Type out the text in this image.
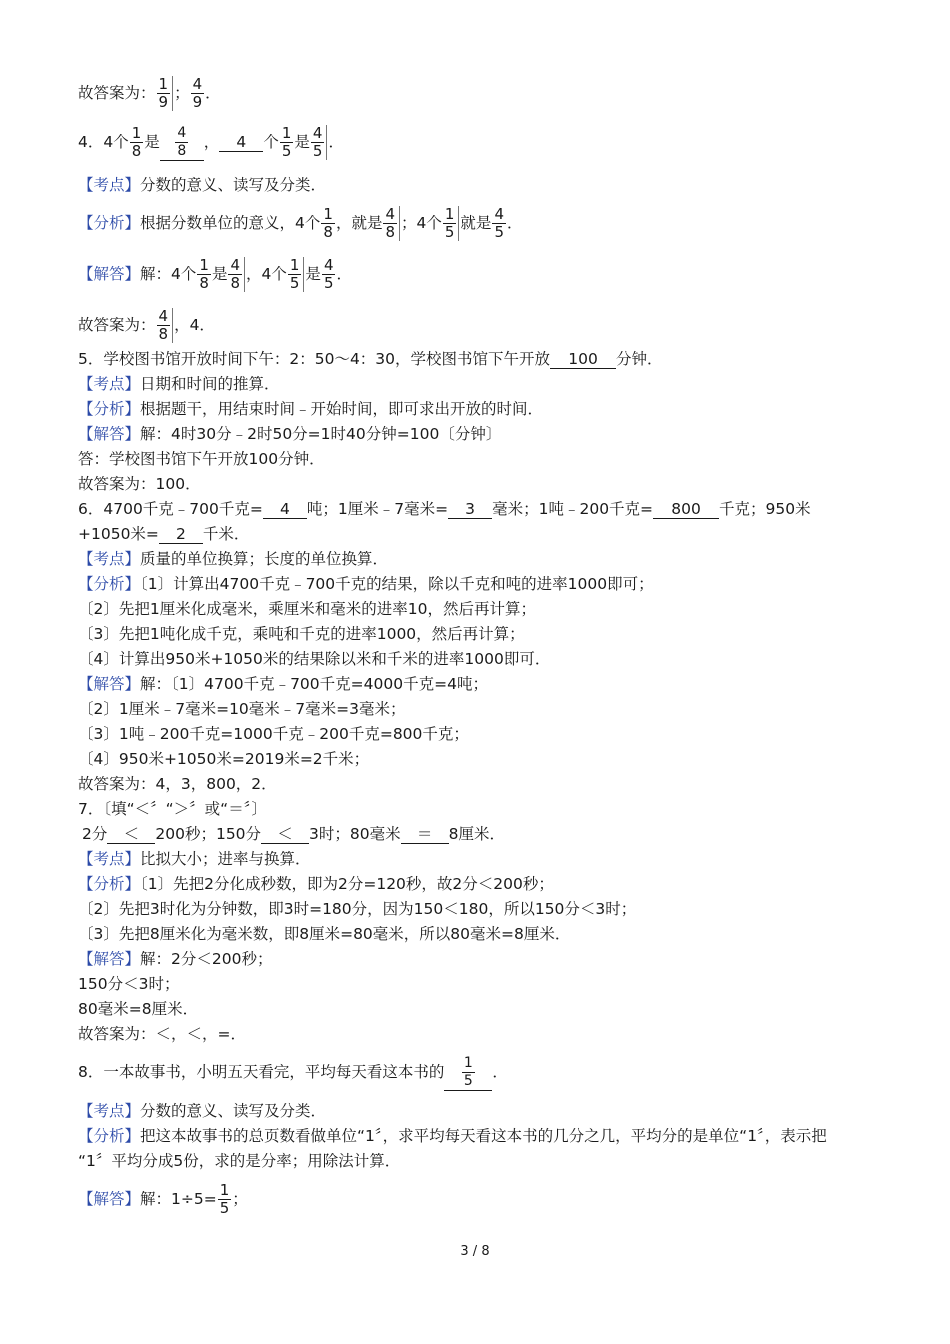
故答案为： $\frac{1}{9}$ ； $\frac{4}{9}$ ．
4．4个 $\frac{1}{8}$ 是 $\frac{4}{8}$ ， 4 个 $\frac{1}{5}$ 是 $\frac{4}{5}$ ．
【考点】分数的意义、读写及分类．
【分析】根据分数单位的意义，4个 $\frac{1}{8}$ ，就是 $\frac{4}{8}$ ；4个 $\frac{1}{5}$ 就是 $\frac{4}{5}$ ．
【解答】解：4个 $\frac{1}{8}$ 是 $\frac{4}{8}$ ，4个 $\frac{1}{5}$ 是 $\frac{4}{5}$ ．
故答案为： $\frac{4}{8}$ ，4．
5．学校图书馆开放时间下午：2：50～4：30，学校图书馆下午开放 100 分钟．
【考点】日期和时间的推算．
【分析】根据题干，用结束时间﹣开始时间，即可求出开放的时间．
【解答】解：4时30分﹣2时50分=1时40分钟=100〔分钟〕
答：学校图书馆下午开放100分钟．
故答案为：100．
6．4700千克﹣700千克= 4 吨；1厘米﹣7毫米= 3 毫米；1吨﹣200千克= 800 千克；950米
+1050米= 2 千米．
【考点】质量的单位换算；长度的单位换算．
【分析】〔1〕计算出4700千克﹣700千克的结果，除以千克和吨的进率1000即可；
〔2〕先把1厘米化成毫米，乘厘米和毫米的进率10，然后再计算；
〔3〕先把1吨化成千克，乘吨和千克的进率1000，然后再计算；
〔4〕计算出950米+1050米的结果除以米和千米的进率1000即可．
【解答】解：〔1〕4700千克﹣700千克=4000千克=4吨；
〔2〕1厘米﹣7毫米=10毫米﹣7毫米=3毫米；
〔3〕1吨﹣200千克=1000千克﹣200千克=800千克；
〔4〕950米+1050米=2019米=2千米；
故答案为：4，3，800，2．
7．〔填“＜〞“＞〞或“＝〞〕
2分 ＜ 200秒；150分 ＜ 3时；80毫米 ＝ 8厘米．
【考点】比拟大小；进率与换算．
【分析】〔1〕先把2分化成秒数，即为2分=120秒，故2分＜200秒；
〔2〕先把3时化为分钟数，即3时=180分，因为150＜180，所以150分＜3时；
〔3〕先把8厘米化为毫米数，即8厘米=80毫米，所以80毫米=8厘米．
【解答】解：2分＜200秒；
150分＜3时；
80毫米=8厘米．
故答案为：＜，＜，=．
8．一本故事书，小明五天看完，平均每天看这本书的 $\frac{1}{5}$ ．
【考点】分数的意义、读写及分类．
【分析】把这本故事书的总页数看做单位“1〞，求平均每天看这本书的几分之几，平均分的是单位“1〞，表示把
“1〞平均分成5份，求的是分率；用除法计算．
【解答】解：$1\div 5= \frac{1}{5}$ ；
3 / 8
